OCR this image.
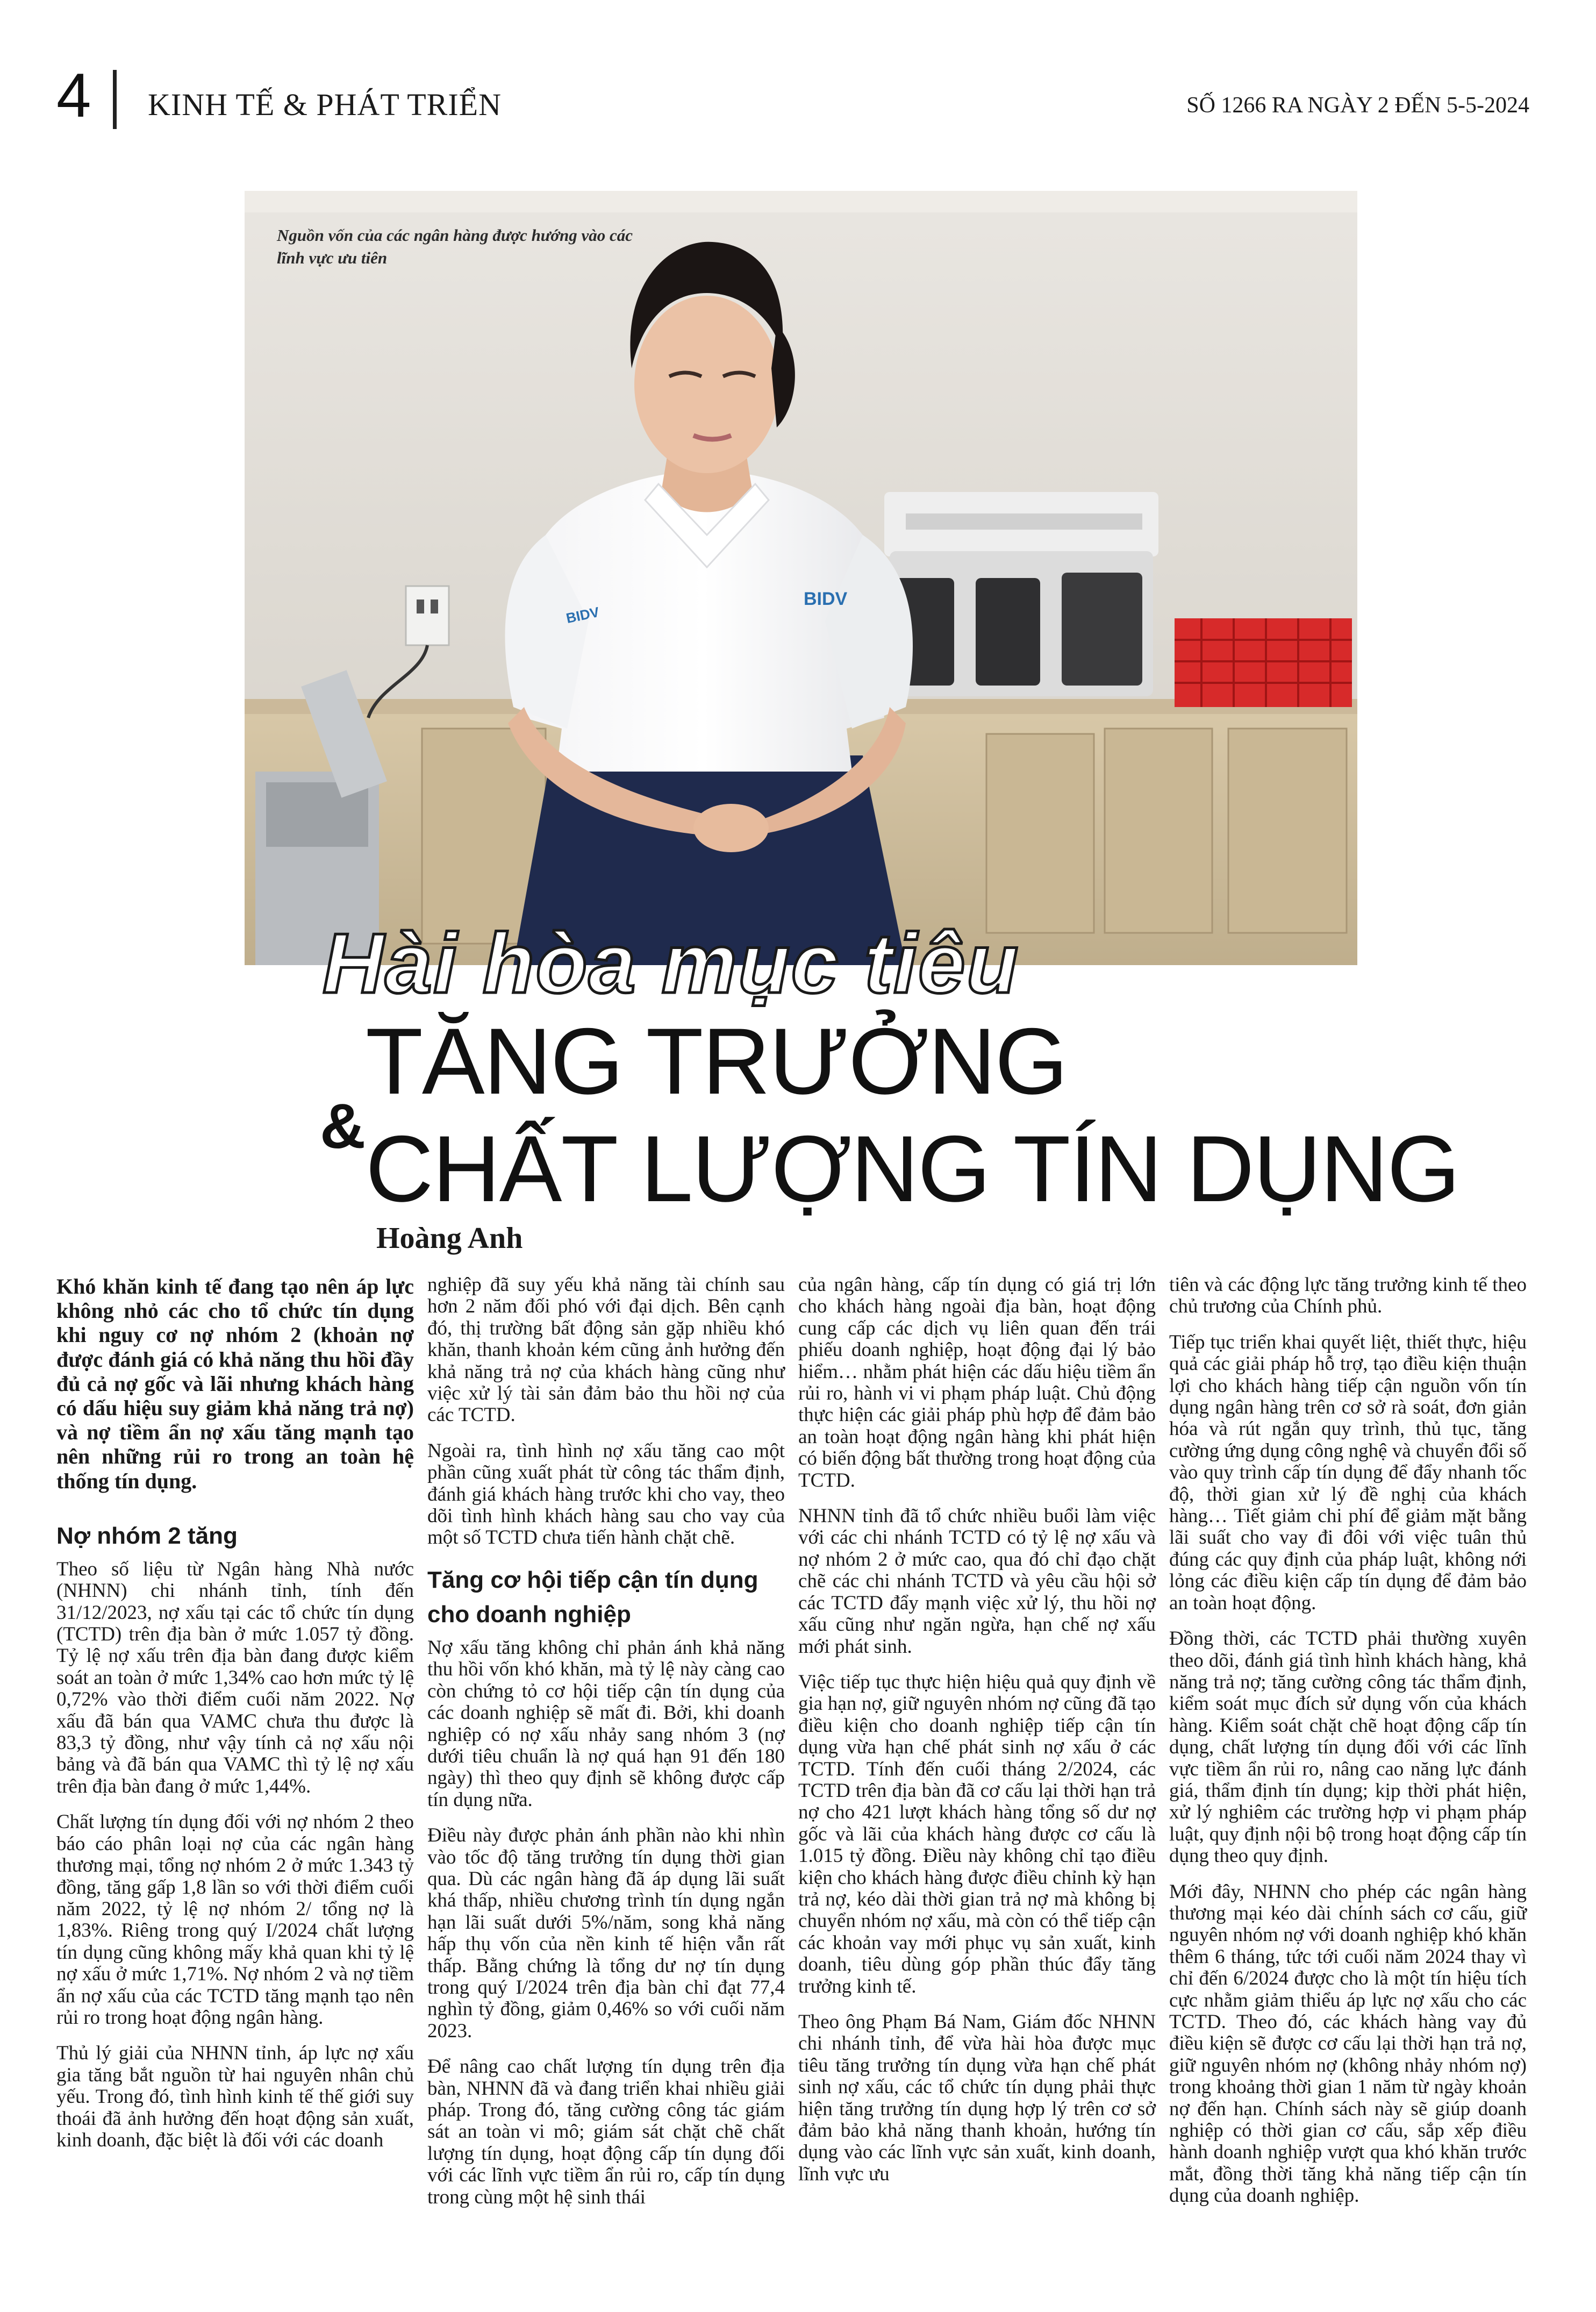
4 KINH TẾ & PHÁT TRIỂN	SỐ 1266 RA NGÀY 2 ĐẾN 5-5-2024
BIDV
BIDV
Nguồn vốn của các ngân hàng được hướng vào các lĩnh vực ưu tiên
Hài hòa mục tiêu
TĂNG TRƯỞNG
& CHẤT LƯỢNG TÍN DỤNG
Hoàng Anh

Khó khăn kinh tế đang tạo nên áp lực không nhỏ các cho tổ chức tín dụng khi nguy cơ nợ nhóm 2 (khoản nợ được đánh giá có khả năng thu hồi đầy đủ cả nợ gốc và lãi nhưng khách hàng có dấu hiệu suy giảm khả năng trả nợ) và nợ tiềm ẩn nợ xấu tăng mạnh tạo nên những rủi ro trong an toàn hệ thống tín dụng.

Nợ nhóm 2 tăng

Theo số liệu từ Ngân hàng Nhà nước (NHNN) chi nhánh tỉnh, tính đến 31/12/2023, nợ xấu tại các tổ chức tín dụng (TCTD) trên địa bàn ở mức 1.057 tỷ đồng. Tỷ lệ nợ xấu trên địa bàn đang được kiểm soát an toàn ở mức 1,34% cao hơn mức tỷ lệ 0,72% vào thời điểm cuối năm 2022. Nợ xấu đã bán qua VAMC chưa thu được là 83,3 tỷ đồng, như vậy tính cả nợ xấu nội bảng và đã bán qua VAMC thì tỷ lệ nợ xấu trên địa bàn đang ở mức 1,44%.

Chất lượng tín dụng đối với nợ nhóm 2 theo báo cáo phân loại nợ của các ngân hàng thương mại, tổng nợ nhóm 2 ở mức 1.343 tỷ đồng, tăng gấp 1,8 lần so với thời điểm cuối năm 2022, tỷ lệ nợ nhóm 2/ tổng nợ là 1,83%. Riêng trong quý I/2024 chất lượng tín dụng cũng không mấy khả quan khi tỷ lệ nợ xấu ở mức 1,71%. Nợ nhóm 2 và nợ tiềm ẩn nợ xấu của các TCTD tăng mạnh tạo nên rủi ro trong hoạt động ngân hàng.

Thủ lý giải của NHNN tỉnh, áp lực nợ xấu gia tăng bắt nguồn từ hai nguyên nhân chủ yếu. Trong đó, tình hình kinh tế thế giới suy thoái đã ảnh hưởng đến hoạt động sản xuất, kinh doanh, đặc biệt là đối với các doanh

nghiệp đã suy yếu khả năng tài chính sau hơn 2 năm đối phó với đại dịch. Bên cạnh đó, thị trường bất động sản gặp nhiều khó khăn, thanh khoản kém cũng ảnh hưởng đến khả năng trả nợ của khách hàng cũng như việc xử lý tài sản đảm bảo thu hồi nợ của các TCTD.

Ngoài ra, tình hình nợ xấu tăng cao một phần cũng xuất phát từ công tác thẩm định, đánh giá khách hàng trước khi cho vay, theo dõi tình hình khách hàng sau cho vay của một số TCTD chưa tiến hành chặt chẽ.

Tăng cơ hội tiếp cận tín dụng cho doanh nghiệp

Nợ xấu tăng không chỉ phản ánh khả năng thu hồi vốn khó khăn, mà tỷ lệ này càng cao còn chứng tỏ cơ hội tiếp cận tín dụng của các doanh nghiệp sẽ mất đi. Bởi, khi doanh nghiệp có nợ xấu nhảy sang nhóm 3 (nợ dưới tiêu chuẩn là nợ quá hạn 91 đến 180 ngày) thì theo quy định sẽ không được cấp tín dụng nữa.

Điều này được phản ánh phần nào khi nhìn vào tốc độ tăng trưởng tín dụng thời gian qua. Dù các ngân hàng đã áp dụng lãi suất khá thấp, nhiều chương trình tín dụng ngắn hạn lãi suất dưới 5%/năm, song khả năng hấp thụ vốn của nền kinh tế hiện vẫn rất thấp. Bằng chứng là tổng dư nợ tín dụng trong quý I/2024 trên địa bàn chỉ đạt 77,4 nghìn tỷ đồng, giảm 0,46% so với cuối năm 2023.

Để nâng cao chất lượng tín dụng trên địa bàn, NHNN đã và đang triển khai nhiều giải pháp. Trong đó, tăng cường công tác giám sát an toàn vi mô; giám sát chặt chẽ chất lượng tín dụng, hoạt động cấp tín dụng đối với các lĩnh vực tiềm ẩn rủi ro, cấp tín dụng trong cùng một hệ sinh thái

của ngân hàng, cấp tín dụng có giá trị lớn cho khách hàng ngoài địa bàn, hoạt động cung cấp các dịch vụ liên quan đến trái phiếu doanh nghiệp, hoạt động đại lý bảo hiểm… nhằm phát hiện các dấu hiệu tiềm ẩn rủi ro, hành vi vi phạm pháp luật. Chủ động thực hiện các giải pháp phù hợp để đảm bảo an toàn hoạt động ngân hàng khi phát hiện có biến động bất thường trong hoạt động của TCTD.

NHNN tỉnh đã tổ chức nhiều buổi làm việc với các chi nhánh TCTD có tỷ lệ nợ xấu và nợ nhóm 2 ở mức cao, qua đó chỉ đạo chặt chẽ các chi nhánh TCTD và yêu cầu hội sở các TCTD đẩy mạnh việc xử lý, thu hồi nợ xấu cũng như ngăn ngừa, hạn chế nợ xấu mới phát sinh.

Việc tiếp tục thực hiện hiệu quả quy định về gia hạn nợ, giữ nguyên nhóm nợ cũng đã tạo điều kiện cho doanh nghiệp tiếp cận tín dụng vừa hạn chế phát sinh nợ xấu ở các TCTD. Tính đến cuối tháng 2/2024, các TCTD trên địa bàn đã cơ cấu lại thời hạn trả nợ cho 421 lượt khách hàng tổng số dư nợ gốc và lãi của khách hàng được cơ cấu là 1.015 tỷ đồng. Điều này không chỉ tạo điều kiện cho khách hàng được điều chỉnh kỳ hạn trả nợ, kéo dài thời gian trả nợ mà không bị chuyển nhóm nợ xấu, mà còn có thể tiếp cận các khoản vay mới phục vụ sản xuất, kinh doanh, tiêu dùng góp phần thúc đẩy tăng trưởng kinh tế.

Theo ông Phạm Bá Nam, Giám đốc NHNN chi nhánh tỉnh, để vừa hài hòa được mục tiêu tăng trưởng tín dụng vừa hạn chế phát sinh nợ xấu, các tổ chức tín dụng phải thực hiện tăng trưởng tín dụng hợp lý trên cơ sở đảm bảo khả năng thanh khoản, hướng tín dụng vào các lĩnh vực sản xuất, kinh doanh, lĩnh vực ưu

tiên và các động lực tăng trưởng kinh tế theo chủ trương của Chính phủ.

Tiếp tục triển khai quyết liệt, thiết thực, hiệu quả các giải pháp hỗ trợ, tạo điều kiện thuận lợi cho khách hàng tiếp cận nguồn vốn tín dụng ngân hàng trên cơ sở rà soát, đơn giản hóa và rút ngắn quy trình, thủ tục, tăng cường ứng dụng công nghệ và chuyển đổi số vào quy trình cấp tín dụng để đẩy nhanh tốc độ, thời gian xử lý đề nghị của khách hàng… Tiết giảm chi phí để giảm mặt bằng lãi suất cho vay đi đôi với việc tuân thủ đúng các quy định của pháp luật, không nới lỏng các điều kiện cấp tín dụng để đảm bảo an toàn hoạt động.

Đồng thời, các TCTD phải thường xuyên theo dõi, đánh giá tình hình khách hàng, khả năng trả nợ; tăng cường công tác thẩm định, kiểm soát mục đích sử dụng vốn của khách hàng. Kiểm soát chặt chẽ hoạt động cấp tín dụng, chất lượng tín dụng đối với các lĩnh vực tiềm ẩn rủi ro, nâng cao năng lực đánh giá, thẩm định tín dụng; kịp thời phát hiện, xử lý nghiêm các trường hợp vi phạm pháp luật, quy định nội bộ trong hoạt động cấp tín dụng theo quy định.

Mới đây, NHNN cho phép các ngân hàng thương mại kéo dài chính sách cơ cấu, giữ nguyên nhóm nợ với doanh nghiệp khó khăn thêm 6 tháng, tức tới cuối năm 2024 thay vì chỉ đến 6/2024 được cho là một tín hiệu tích cực nhằm giảm thiểu áp lực nợ xấu cho các TCTD. Theo đó, các khách hàng vay đủ điều kiện sẽ được cơ cấu lại thời hạn trả nợ, giữ nguyên nhóm nợ (không nhảy nhóm nợ) trong khoảng thời gian 1 năm từ ngày khoản nợ đến hạn. Chính sách này sẽ giúp doanh nghiệp có thời gian cơ cấu, sắp xếp điều hành doanh nghiệp vượt qua khó khăn trước mắt, đồng thời tăng khả năng tiếp cận tín dụng của doanh nghiệp.
